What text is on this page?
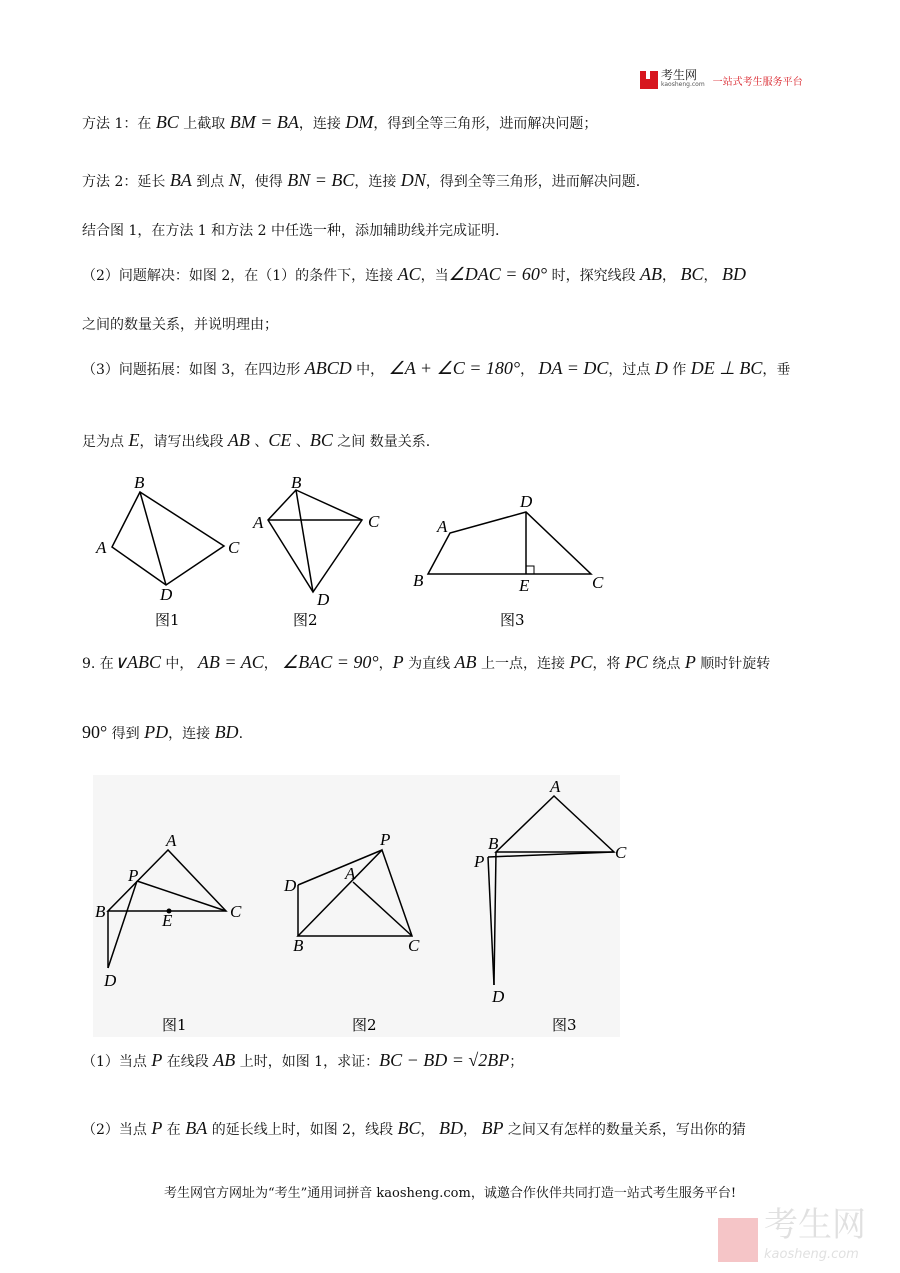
考生网
kaosheng.com 一站式考生服务平台
方法 1：在 BC 上截取 BM = BA，连接 DM，得到全等三角形，进而解决问题；
方法 2：延长 BA 到点 N，使得 BN = BC，连接 DN，得到全等三角形，进而解决问题.
结合图 1，在方法 1 和方法 2 中任选一种，添加辅助线并完成证明.
（2）问题解决：如图 2，在（1）的条件下，连接 AC，当∠DAC = 60° 时，探究线段 AB， BC， BD
之间的数量关系，并说明理由；
（3）问题拓展：如图 3，在四边形 ABCD 中， ∠A + ∠C = 180°， DA = DC，过点 D 作 DE ⊥ BC，垂
足为点 E，请写出线段 AB 、CE 、BC 之间 数量关系.
9. 在∨ABC 中， AB = AC， ∠BAC = 90°，P 为直线 AB 上一点，连接 PC，将 PC 绕点 P 顺时针旋转
90° 得到 PD，连接 BD.
（1）当点 P 在线段 AB 上时，如图 1，求证：BC − BD = √2BP；
（2）当点 P 在 BA 的延长线上时，如图 2，线段 BC， BD， BP 之间又有怎样的数量关系，写出你的猜
B
A	C
D
B
A	C
D
A
D
B	E	C
图1	图2	图3
A
P
B	E	C
D
P
A
D
B	C
A
B	C
P
D
图1	图2	图3
考生网官方网址为“考生”通用词拼音 kaosheng.com，诚邀合作伙伴共同打造一站式考生服务平台!
考生网
kaosheng.com
